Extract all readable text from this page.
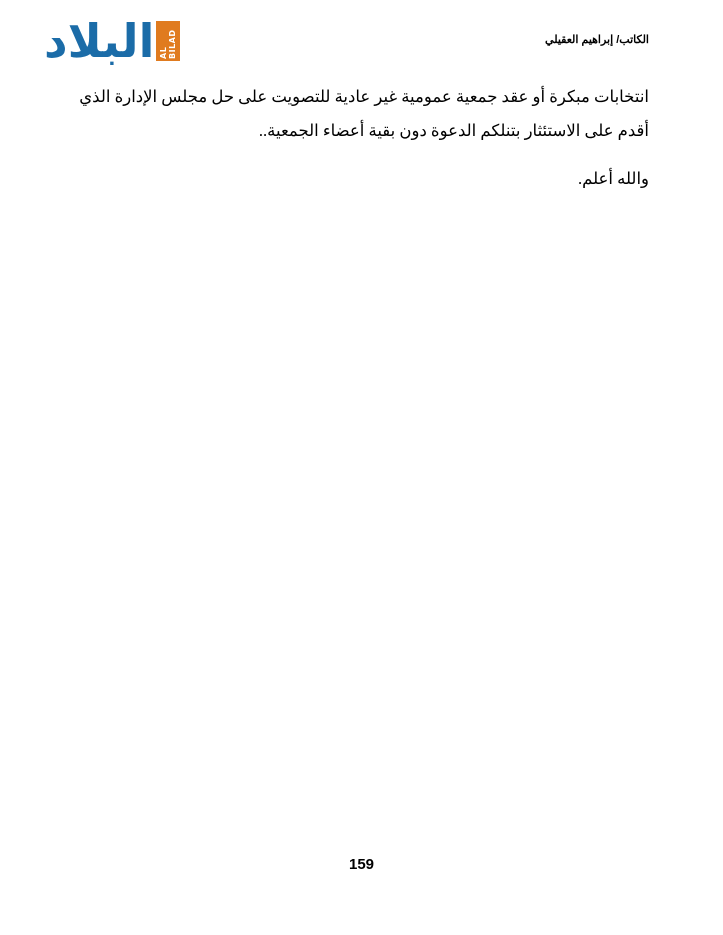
البلاد AL BILAD	الكاتب/ إبراهيم العقيلي

انتخابات مبكرة أو عقد جمعية عمومية غير عادية للتصويت على حل مجلس الإدارة الذي أقدم على الاستئثار بتنلكم الدعوة دون بقية أعضاء الجمعية..

والله أعلم.

159
